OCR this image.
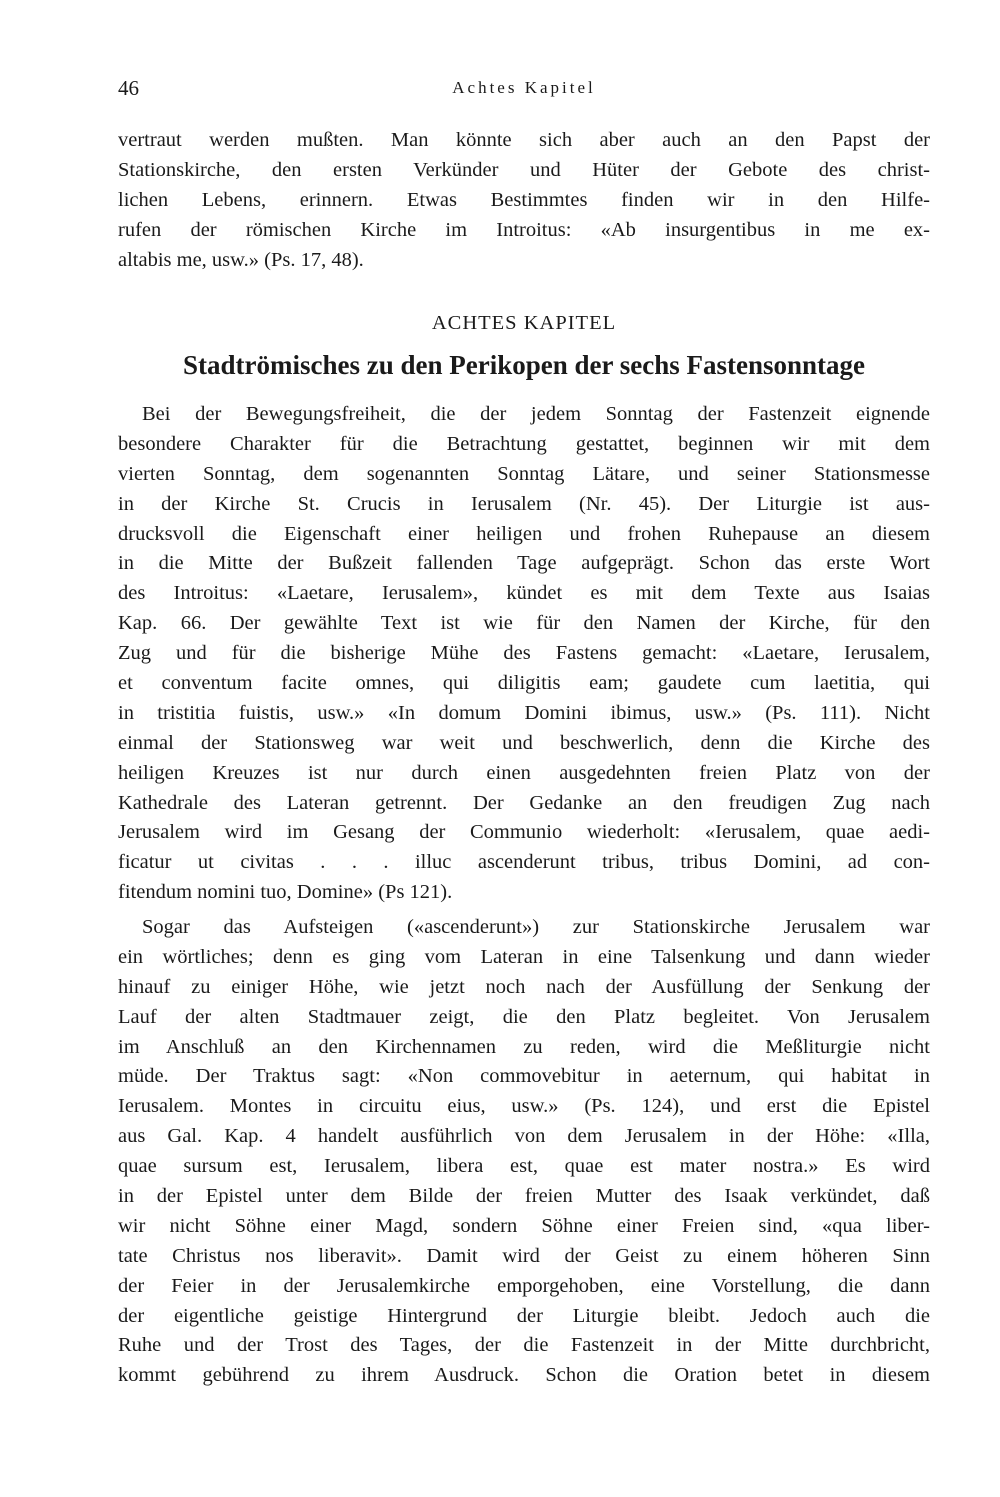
46	Achtes Kapitel
vertraut werden mußten. Man könnte sich aber auch an den Papst der
Stationskirche, den ersten Verkünder und Hüter der Gebote des christ-
lichen Lebens, erinnern. Etwas Bestimmtes finden wir in den Hilfe-
rufen der römischen Kirche im Introitus: «Ab insurgentibus in me ex-
altabis me, usw.» (Ps. 17, 48).
ACHTES KAPITEL
Stadtrömisches zu den Perikopen der sechs Fastensonntage
Bei der Bewegungsfreiheit, die der jedem Sonntag der Fastenzeit eignende
besondere Charakter für die Betrachtung gestattet, beginnen wir mit dem
vierten Sonntag, dem sogenannten Sonntag Lätare, und seiner Stationsmesse
in der Kirche St. Crucis in Ierusalem (Nr. 45). Der Liturgie ist aus-
drucksvoll die Eigenschaft einer heiligen und frohen Ruhepause an diesem
in die Mitte der Bußzeit fallenden Tage aufgeprägt. Schon das erste Wort
des Introitus: «Laetare, Ierusalem», kündet es mit dem Texte aus Isaias
Kap. 66. Der gewählte Text ist wie für den Namen der Kirche, für den
Zug und für die bisherige Mühe des Fastens gemacht: «Laetare, Ierusalem,
et conventum facite omnes, qui diligitis eam; gaudete cum laetitia, qui
in tristitia fuistis, usw.» «In domum Domini ibimus, usw.» (Ps. 111). Nicht
einmal der Stationsweg war weit und beschwerlich, denn die Kirche des
heiligen Kreuzes ist nur durch einen ausgedehnten freien Platz von der
Kathedrale des Lateran getrennt. Der Gedanke an den freudigen Zug nach
Jerusalem wird im Gesang der Communio wiederholt: «Ierusalem, quae aedi-
ficatur ut civitas . . . illuc ascenderunt tribus, tribus Domini, ad con-
fitendum nomini tuo, Domine» (Ps 121).
Sogar das Aufsteigen («ascenderunt») zur Stationskirche Jerusalem war
ein wörtliches; denn es ging vom Lateran in eine Talsenkung und dann wieder
hinauf zu einiger Höhe, wie jetzt noch nach der Ausfüllung der Senkung der
Lauf der alten Stadtmauer zeigt, die den Platz begleitet. Von Jerusalem
im Anschluß an den Kirchennamen zu reden, wird die Meßliturgie nicht
müde. Der Traktus sagt: «Non commovebitur in aeternum, qui habitat in
Ierusalem. Montes in circuitu eius, usw.» (Ps. 124), und erst die Epistel
aus Gal. Kap. 4 handelt ausführlich von dem Jerusalem in der Höhe: «Illa,
quae sursum est, Ierusalem, libera est, quae est mater nostra.» Es wird
in der Epistel unter dem Bilde der freien Mutter des Isaak verkündet, daß
wir nicht Söhne einer Magd, sondern Söhne einer Freien sind, «qua liber-
tate Christus nos liberavit». Damit wird der Geist zu einem höheren Sinn
der Feier in der Jerusalemkirche emporgehoben, eine Vorstellung, die dann
der eigentliche geistige Hintergrund der Liturgie bleibt. Jedoch auch die
Ruhe und der Trost des Tages, der die Fastenzeit in der Mitte durchbricht,
kommt gebührend zu ihrem Ausdruck. Schon die Oration betet in diesem
